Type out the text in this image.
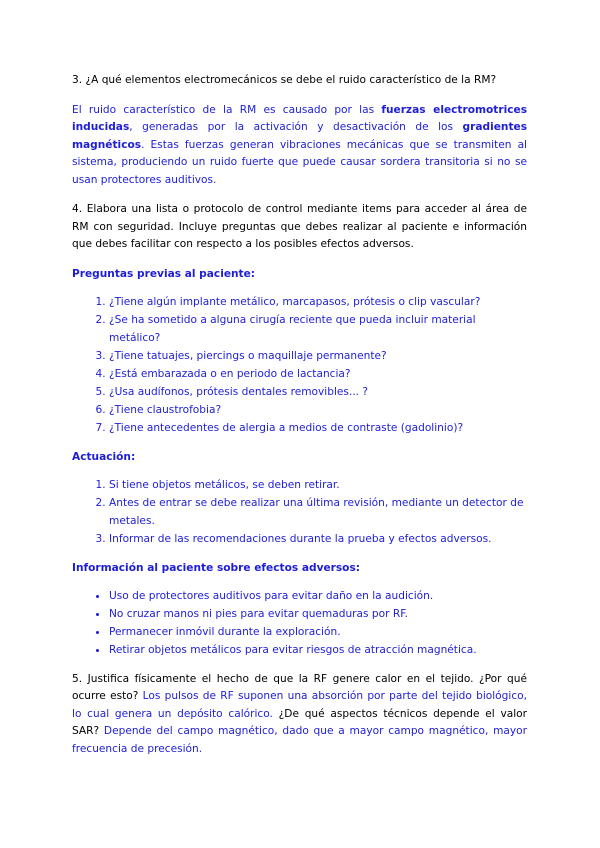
3. ¿A qué elementos electromecánicos se debe el ruido característico de la RM?

El ruido característico de la RM es causado por las fuerzas electromotrices inducidas, generadas por la activación y desactivación de los gradientes magnéticos. Estas fuerzas generan vibraciones mecánicas que se transmiten al sistema, produciendo un ruido fuerte que puede causar sordera transitoria si no se usan protectores auditivos.

4. Elabora una lista o protocolo de control mediante items para acceder al área de RM con seguridad. Incluye preguntas que debes realizar al paciente e información que debes facilitar con respecto a los posibles efectos adversos.

Preguntas previas al paciente:

1. ¿Tiene algún implante metálico, marcapasos, prótesis o clip vascular?
2. ¿Se ha sometido a alguna cirugía reciente que pueda incluir material metálico?
3. ¿Tiene tatuajes, piercings o maquillaje permanente?
4. ¿Está embarazada o en periodo de lactancia?
5. ¿Usa audífonos, prótesis dentales removibles... ?
6. ¿Tiene claustrofobia?
7. ¿Tiene antecedentes de alergia a medios de contraste (gadolinio)?

Actuación:

1. Si tiene objetos metálicos, se deben retirar.
2. Antes de entrar se debe realizar una última revisión, mediante un detector de metales.
3. Informar de las recomendaciones durante la prueba y efectos adversos.

Información al paciente sobre efectos adversos:

• Uso de protectores auditivos para evitar daño en la audición.
• No cruzar manos ni pies para evitar quemaduras por RF.
• Permanecer inmóvil durante la exploración.
• Retirar objetos metálicos para evitar riesgos de atracción magnética.

5. Justifica físicamente el hecho de que la RF genere calor en el tejido. ¿Por qué ocurre esto? Los pulsos de RF suponen una absorción por parte del tejido biológico, lo cual genera un depósito calórico. ¿De qué aspectos técnicos depende el valor SAR? Depende del campo magnético, dado que a mayor campo magnético, mayor frecuencia de precesión.
